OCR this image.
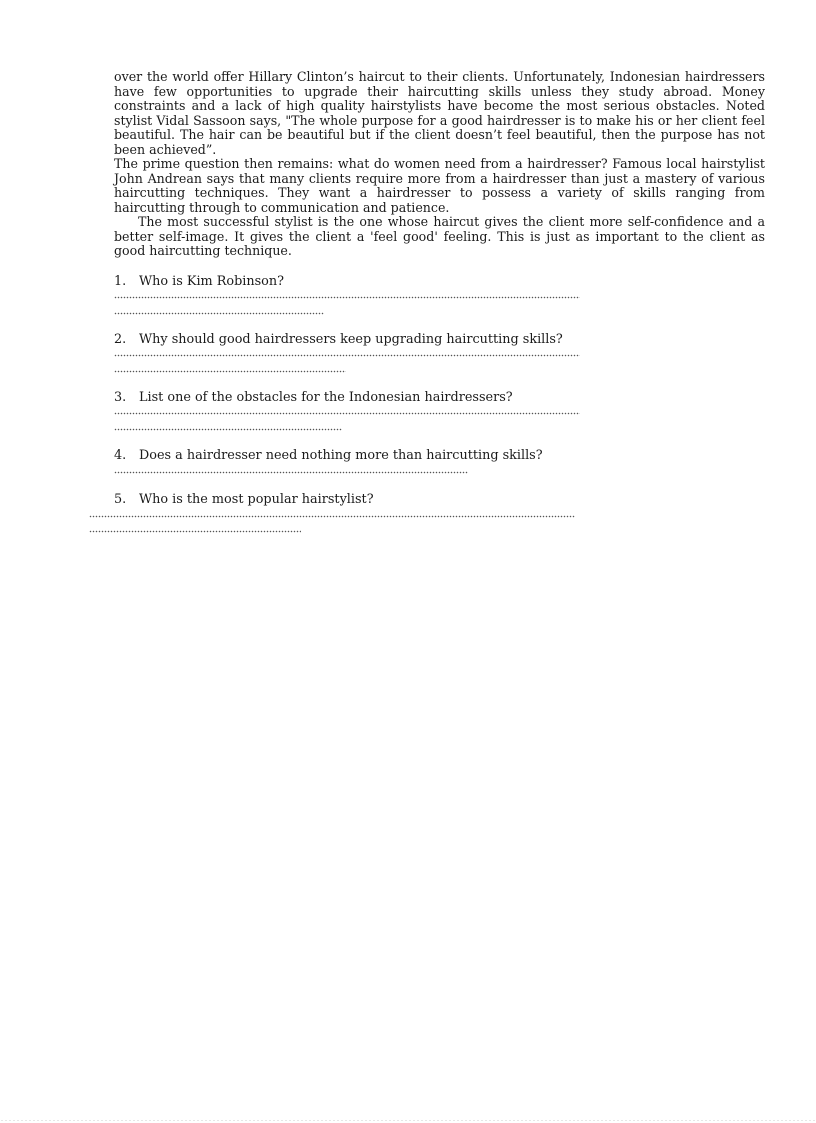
over the world offer Hillary Clinton’s haircut to their clients. Unfortunately, Indonesian hairdressers have few opportunities to upgrade their haircutting skills unless they study abroad. Money constraints and a lack of high quality hairstylists have become the most serious obstacles. Noted stylist Vidal Sassoon says, "The whole purpose for a good hairdresser is to make his or her client feel beautiful. The hair can be beautiful but if the client doesn’t feel beautiful, then the purpose has not been achieved”.

The prime question then remains: what do women need from a hairdresser? Famous local hairstylist John Andrean says that many clients require more from a hairdresser than just a mastery of various haircutting techniques. They want a hairdresser to possess a variety of skills ranging from haircutting through to communication and patience.

The most successful stylist is the one whose haircut gives the client more self-confidence and a better self-image. It gives the client a 'feel good' feeling. This is just as important to the client as good haircutting technique.

1. Who is Kim Robinson?
2. Why should good hairdressers keep upgrading haircutting skills?
3. List one of the obstacles for the Indonesian hairdressers?
4. Does a hairdresser need nothing more than haircutting skills?
5. Who is the most popular hairstylist?
